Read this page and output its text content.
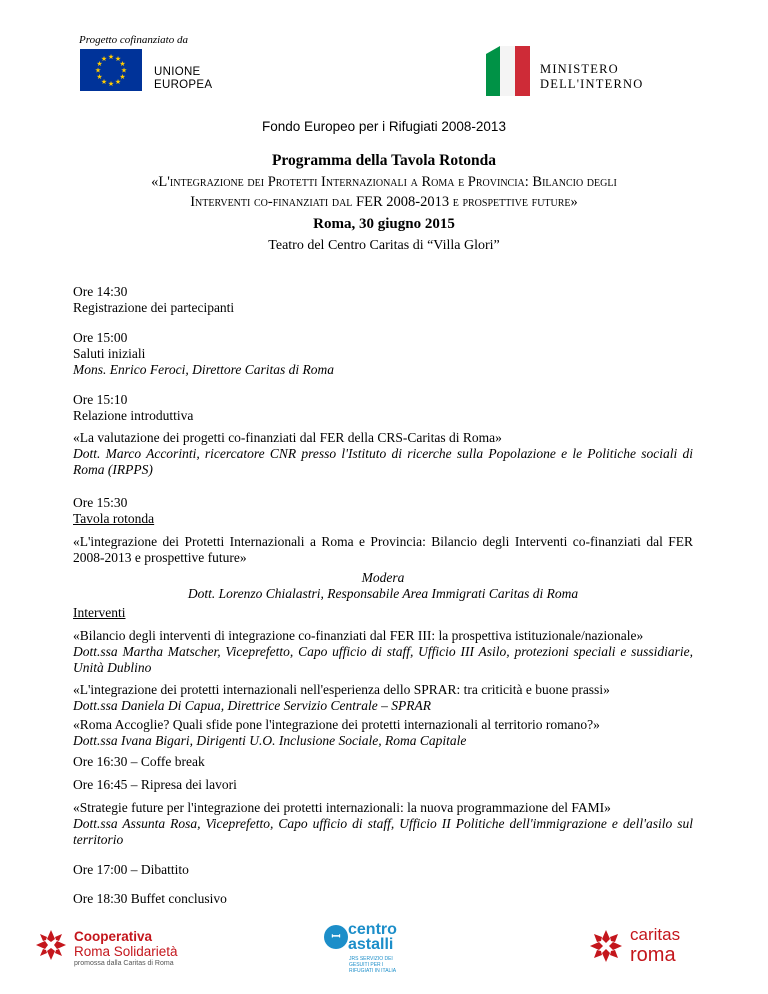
Progetto cofinanziato da
★ ★
★
★
★
★
★
★
★
★
★
★
UNIONE
EUROPEA
MINISTERO
DELL'INTERNO
Fondo Europeo per i Rifugiati 2008-2013
Programma della Tavola Rotonda
«L'integrazione dei Protetti Internazionali a Roma e Provincia: Bilancio degli
Interventi co-finanziati dal FER 2008-2013 e prospettive future»
Roma, 30 giugno 2015
Teatro del Centro Caritas di “Villa Glori”
Ore 14:30
Registrazione dei partecipanti
Ore 15:00
Saluti iniziali
Mons. Enrico Feroci, Direttore Caritas di Roma
Ore 15:10
Relazione introduttiva
«La valutazione dei progetti co-finanziati dal FER della CRS-Caritas di Roma»
Dott. Marco Accorinti, ricercatore CNR presso l'Istituto di ricerche sulla Popolazione e le Politiche sociali di Roma (IRPPS)
Ore 15:30
Tavola rotonda
«L'integrazione dei Protetti Internazionali a Roma e Provincia: Bilancio degli Interventi co-finanziati dal FER 2008-2013 e prospettive future»
Modera
Dott. Lorenzo Chialastri, Responsabile Area Immigrati Caritas di Roma
Interventi
«Bilancio degli interventi di integrazione co-finanziati dal FER III: la prospettiva istituzionale/nazionale»
Dott.ssa Martha Matscher, Viceprefetto, Capo ufficio di staff, Ufficio III Asilo, protezioni speciali e sussidiarie, Unità Dublino
«L'integrazione dei protetti internazionali nell'esperienza dello SPRAR: tra criticità e buone prassi»
Dott.ssa Daniela Di Capua, Direttrice Servizio Centrale – SPRAR
«Roma Accoglie? Quali sfide pone l'integrazione dei protetti internazionali al territorio romano?»
Dott.ssa Ivana Bigari, Dirigenti U.O. Inclusione Sociale, Roma Capitale
Ore 16:30 – Coffe break
Ore 16:45 – Ripresa dei lavori
«Strategie future per l'integrazione dei protetti internazionali: la nuova programmazione del FAMI»
Dott.ssa Assunta Rosa, Viceprefetto, Capo ufficio di staff, Ufficio II Politiche dell'immigrazione e dell'asilo sul territorio
Ore 17:00 – Dibattito
Ore 18:30 Buffet conclusivo
Cooperativa
Roma Solidarietà
promossa dalla Caritas di Roma
ꟷ centro
astalli
JRS SERVIZIO DEI GESUITI PER I RIFUGIATI IN ITALIA
caritas
roma
